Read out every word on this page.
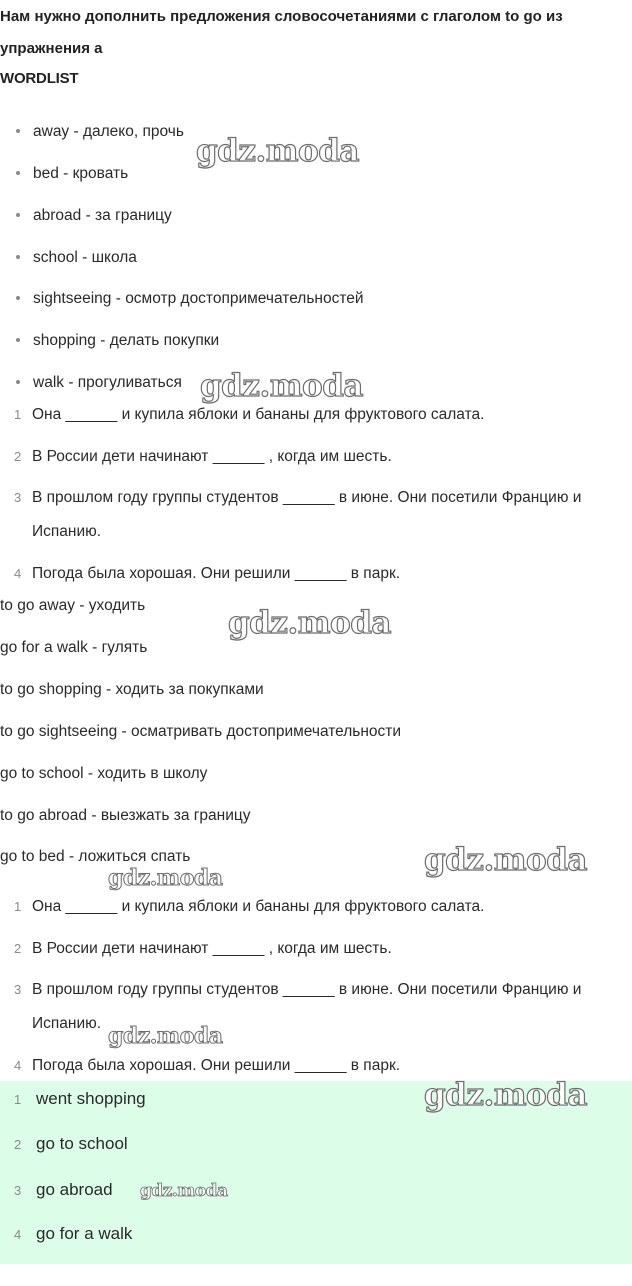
Нам нужно дополнить предложения словосочетаниями с глаголом to go из
упражнения a
WORDLIST
away - далеко, прочь
bed - кровать
abroad - за границу
school - школа
sightseeing - осмотр достопримечательностей
shopping - делать покупки
walk - прогуливаться
1 Она ______ и купила яблоки и бананы для фруктового салата.
2 В России дети начинают ______ , когда им шесть.
3 В прошлом году группы студентов ______ в июне. Они посетили Францию и Испанию.
4 Погода была хорошая. Они решили ______ в парк.
to go away - уходить
go for a walk - гулять
to go shopping - ходить за покупками
to go sightseeing - осматривать достопримечательности
go to school - ходить в школу
to go abroad - выезжать за границу
go to bed - ложиться спать
1 Она ______ и купила яблоки и бананы для фруктового салата.
2 В России дети начинают ______ , когда им шесть.
3 В прошлом году группы студентов ______ в июне. Они посетили Францию и Испанию.
4 Погода была хорошая. Они решили ______ в парк.
1 went shopping
2 go to school
3 go abroad
4 go for a walk
gdz.moda
gdz.moda
gdz.moda
gdz.moda
gdz.moda
gdz.moda
gdz.moda
gdz.moda
